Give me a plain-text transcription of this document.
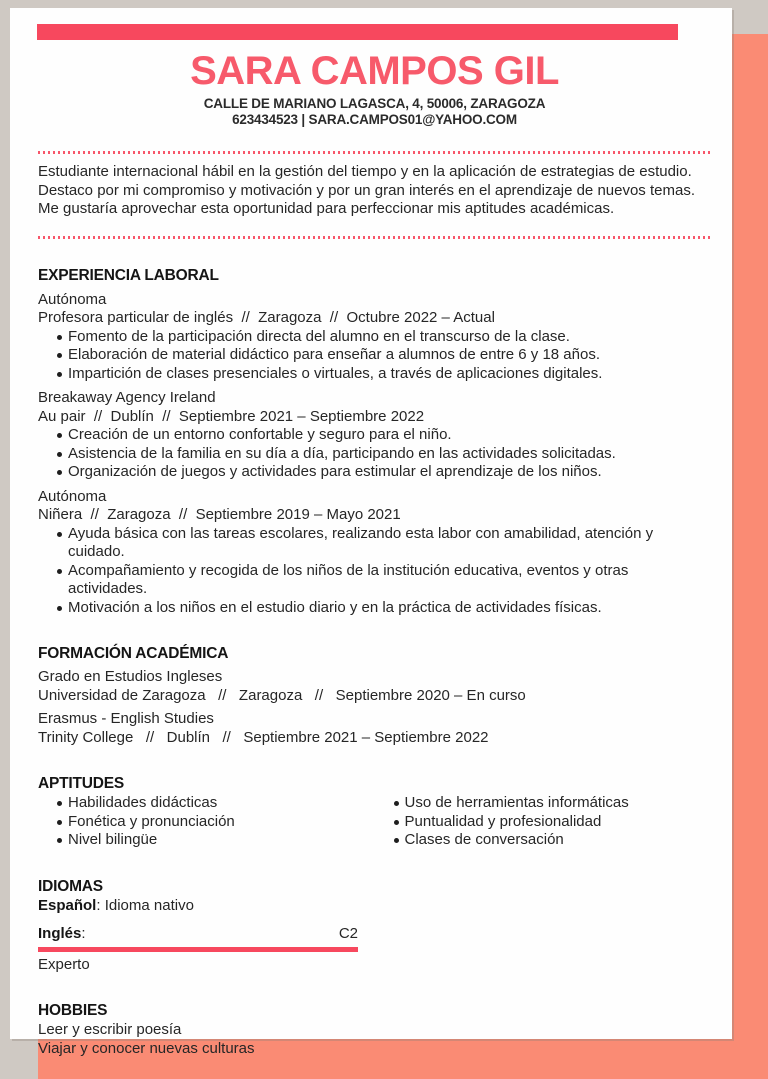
SARA CAMPOS GIL
CALLE DE MARIANO LAGASCA, 4, 50006, ZARAGOZA
623434523 | SARA.CAMPOS01@YAHOO.COM
Estudiante internacional hábil en la gestión del tiempo y en la aplicación de estrategias de estudio. Destaco por mi compromiso y motivación y por un gran interés en el aprendizaje de nuevos temas. Me gustaría aprovechar esta oportunidad para perfeccionar mis aptitudes académicas.
EXPERIENCIA LABORAL
Autónoma
Profesora particular de inglés  //  Zaragoza  //  Octubre 2022 – Actual
Fomento de la participación directa del alumno en el transcurso de la clase.
Elaboración de material didáctico para enseñar a alumnos de entre 6 y 18 años.
Impartición de clases presenciales o virtuales, a través de aplicaciones digitales.
Breakaway Agency Ireland
Au pair  //  Dublín  //  Septiembre 2021 – Septiembre 2022
Creación de un entorno confortable y seguro para el niño.
Asistencia de la familia en su día a día, participando en las actividades solicitadas.
Organización de juegos y actividades para estimular el aprendizaje de los niños.
Autónoma
Niñera  //  Zaragoza  //  Septiembre 2019 – Mayo 2021
Ayuda básica con las tareas escolares, realizando esta labor con amabilidad, atención y cuidado.
Acompañamiento y recogida de los niños de la institución educativa, eventos y otras actividades.
Motivación a los niños en el estudio diario y en la práctica de actividades físicas.
FORMACIÓN ACADÉMICA
Grado en Estudios Ingleses
Universidad de Zaragoza   //   Zaragoza   //   Septiembre 2020 – En curso
Erasmus - English Studies
Trinity College   //   Dublín   //   Septiembre 2021 – Septiembre 2022
APTITUDES
Habilidades didácticas
Fonética y pronunciación
Nivel bilingüe
Uso de herramientas informáticas
Puntualidad y profesionalidad
Clases de conversación
IDIOMAS
Español: Idioma nativo
Inglés:	C2
Experto
HOBBIES
Leer y escribir poesía
Viajar y conocer nuevas culturas
